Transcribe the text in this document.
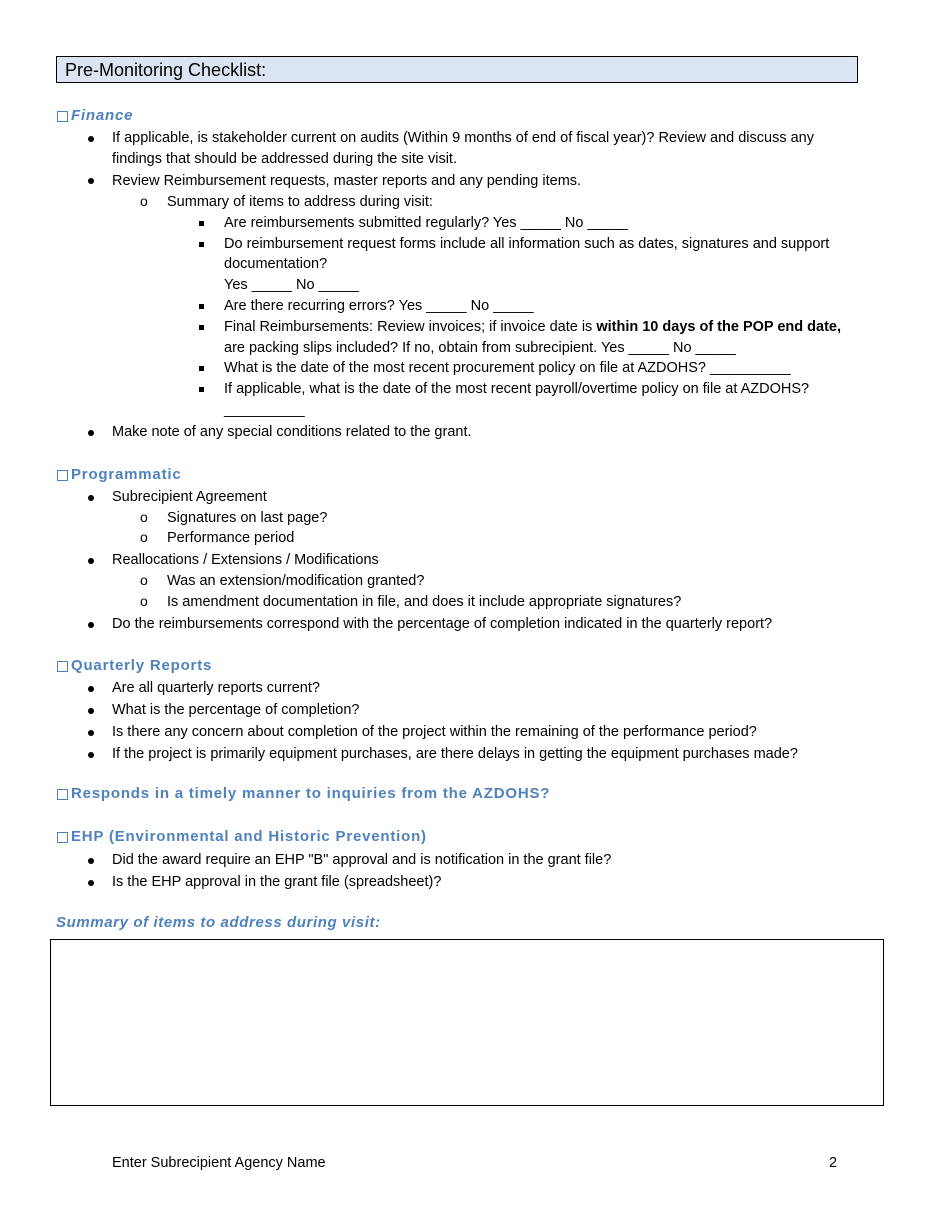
Pre-Monitoring Checklist:
Finance
If applicable, is stakeholder current on audits (Within 9 months of end of fiscal year)? Review and discuss any
findings that should be addressed during the site visit.
Review Reimbursement requests, master reports and any pending items.
o Summary of items to address during visit:
Are reimbursements submitted regularly? Yes _____ No _____
Do reimbursement request forms include all information such as dates, signatures and support
documentation?
Yes _____ No _____
Are there recurring errors? Yes _____ No _____
Final Reimbursements: Review invoices; if invoice date is within 10 days of the POP end date,
are packing slips included? If no, obtain from subrecipient. Yes _____ No _____
What is the date of the most recent procurement policy on file at AZDOHS? __________
If applicable, what is the date of the most recent payroll/overtime policy on file at AZDOHS?
__________
Make note of any special conditions related to the grant.
Programmatic
Subrecipient Agreement
o Signatures on last page?
o Performance period
Reallocations / Extensions / Modifications
o Was an extension/modification granted?
o Is amendment documentation in file, and does it include appropriate signatures?
Do the reimbursements correspond with the percentage of completion indicated in the quarterly report?
Quarterly Reports
Are all quarterly reports current?
What is the percentage of completion?
Is there any concern about completion of the project within the remaining of the performance period?
If the project is primarily equipment purchases, are there delays in getting the equipment purchases made?
Responds in a timely manner to inquiries from the AZDOHS?
EHP (Environmental and Historic Prevention)
Did the award require an EHP "B" approval and is notification in the grant file?
Is the EHP approval in the grant file (spreadsheet)?
Summary of items to address during visit:
Enter Subrecipient Agency Name	2
